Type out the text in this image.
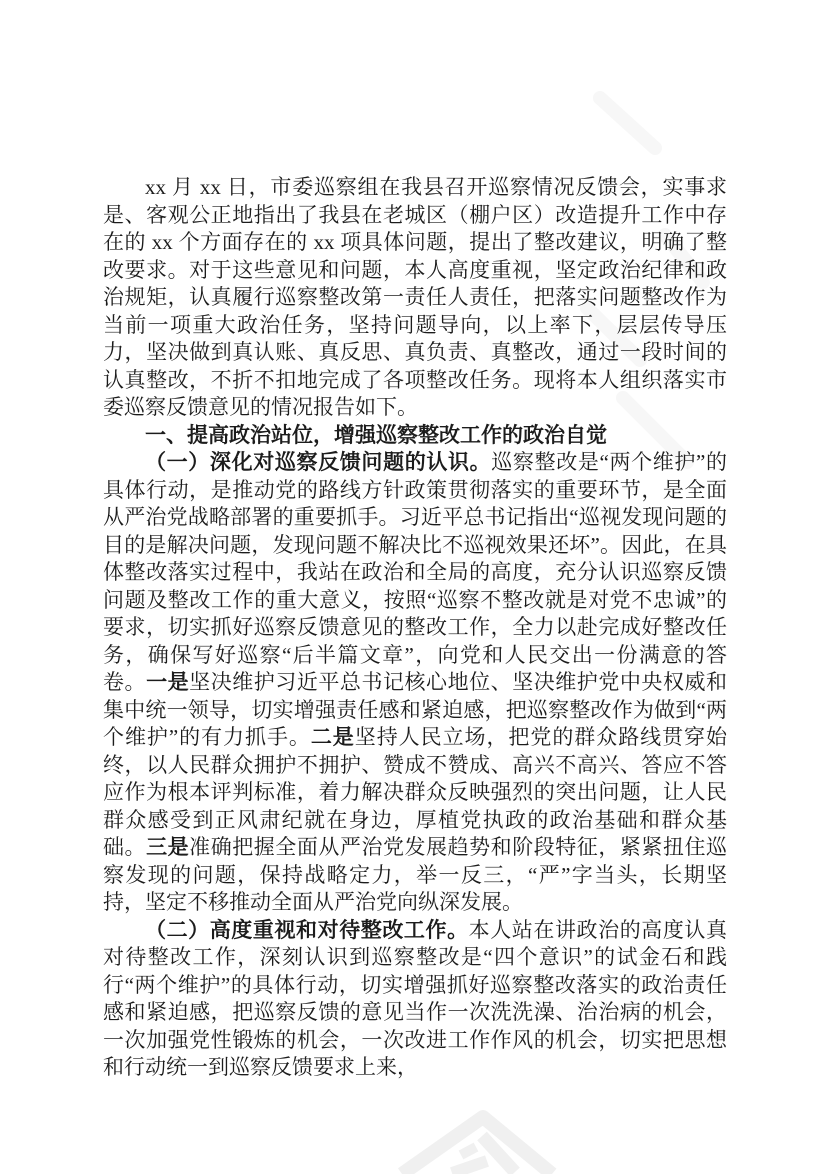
xx 月 xx 日，市委巡察组在我县召开巡察情况反馈会，实事求是、客观公正地指出了我县在老城区（棚户区）改造提升工作中存在的 xx 个方面存在的 xx 项具体问题，提出了整改建议，明确了整改要求。对于这些意见和问题，本人高度重视，坚定政治纪律和政治规矩，认真履行巡察整改第一责任人责任，把落实问题整改作为当前一项重大政治任务，坚持问题导向，以上率下，层层传导压力，坚决做到真认账、真反思、真负责、真整改，通过一段时间的认真整改，不折不扣地完成了各项整改任务。现将本人组织落实市委巡察反馈意见的情况报告如下。

一、提高政治站位，增强巡察整改工作的政治自觉

（一）深化对巡察反馈问题的认识。巡察整改是“两个维护”的具体行动，是推动党的路线方针政策贯彻落实的重要环节，是全面从严治党战略部署的重要抓手。习近平总书记指出“巡视发现问题的目的是解决问题，发现问题不解决比不巡视效果还坏”。因此，在具体整改落实过程中，我站在政治和全局的高度，充分认识巡察反馈问题及整改工作的重大意义，按照“巡察不整改就是对党不忠诚”的要求，切实抓好巡察反馈意见的整改工作，全力以赴完成好整改任务，确保写好巡察“后半篇文章”，向党和人民交出一份满意的答卷。一是坚决维护习近平总书记核心地位、坚决维护党中央权威和集中统一领导，切实增强责任感和紧迫感，把巡察整改作为做到“两个维护”的有力抓手。二是坚持人民立场，把党的群众路线贯穿始终，以人民群众拥护不拥护、赞成不赞成、高兴不高兴、答应不答应作为根本评判标准，着力解决群众反映强烈的突出问题，让人民群众感受到正风肃纪就在身边，厚植党执政的政治基础和群众基础。三是准确把握全面从严治党发展趋势和阶段特征，紧紧扭住巡察发现的问题，保持战略定力，举一反三，“严”字当头，长期坚持，坚定不移推动全面从严治党向纵深发展。

（二）高度重视和对待整改工作。本人站在讲政治的高度认真对待整改工作，深刻认识到巡察整改是“四个意识”的试金石和践行“两个维护”的具体行动，切实增强抓好巡察整改落实的政治责任感和紧迫感，把巡察反馈的意见当作一次洗洗澡、治治病的机会，一次加强党性锻炼的机会，一次改进工作作风的机会，切实把思想和行动统一到巡察反馈要求上来，
